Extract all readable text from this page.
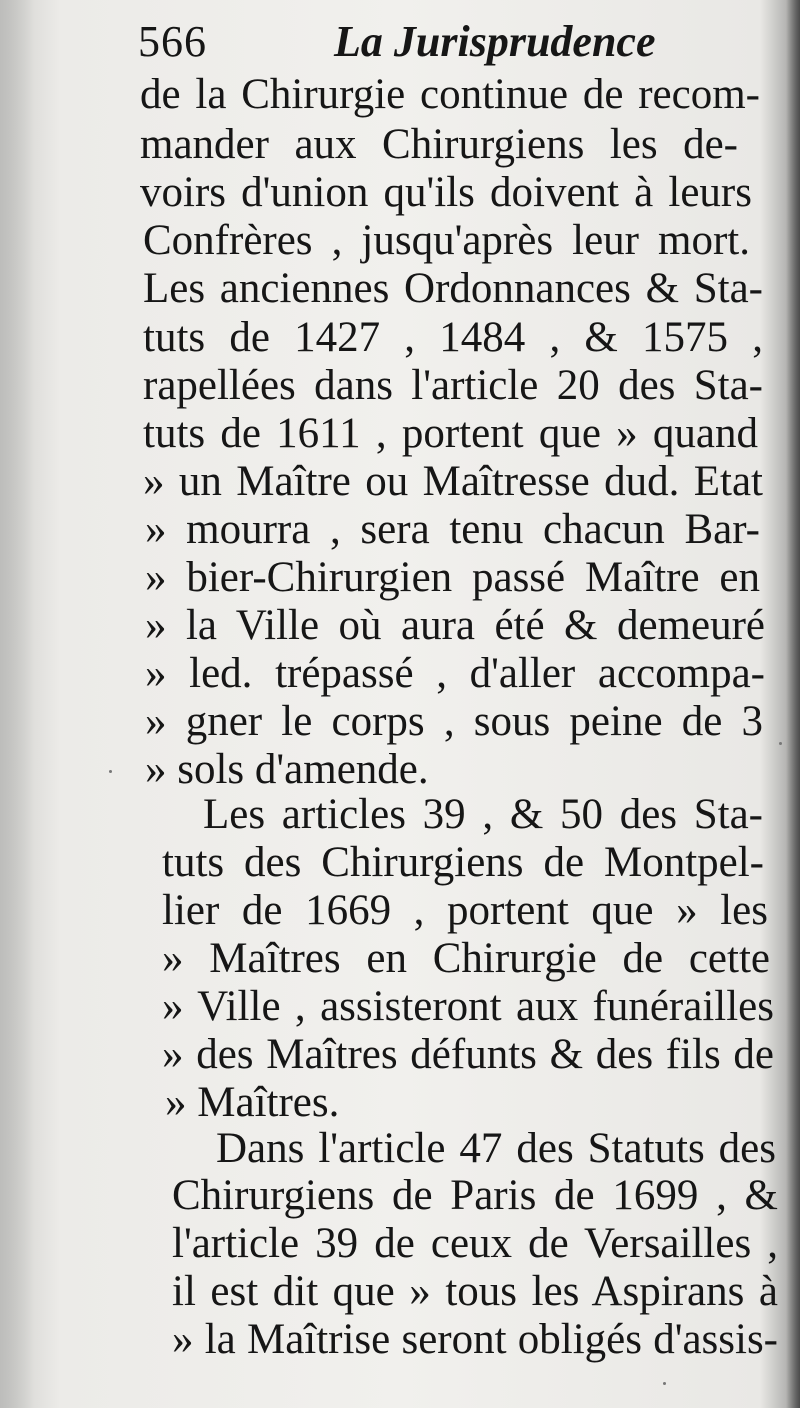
566	La Jurisprudence
de la Chirurgie continue de recom-
mander aux Chirurgiens les de-
voirs d'union qu'ils doivent à leurs
Confrères , jusqu'après leur mort.
Les anciennes Ordonnances & Sta-
tuts de 1427 , 1484 , & 1575 ,
rapellées dans l'article 20 des Sta-
tuts de 1611 , portent que » quand
» un Maître ou Maîtresse dud. Etat
» mourra , sera tenu chacun Bar-
» bier-Chirurgien passé Maître en
» la Ville où aura été & demeuré
» led. trépassé , d'aller accompa-
» gner le corps , sous peine de 3
» sols d'amende.
Les articles 39 , & 50 des Sta-
tuts des Chirurgiens de Montpel-
lier de 1669 , portent que » les
» Maîtres en Chirurgie de cette
» Ville , assisteront aux funérailles
» des Maîtres défunts & des fils de
» Maîtres.
Dans l'article 47 des Statuts des
Chirurgiens de Paris de 1699 , &
l'article 39 de ceux de Versailles ,
il est dit que » tous les Aspirans à
» la Maîtrise seront obligés d'assis-
